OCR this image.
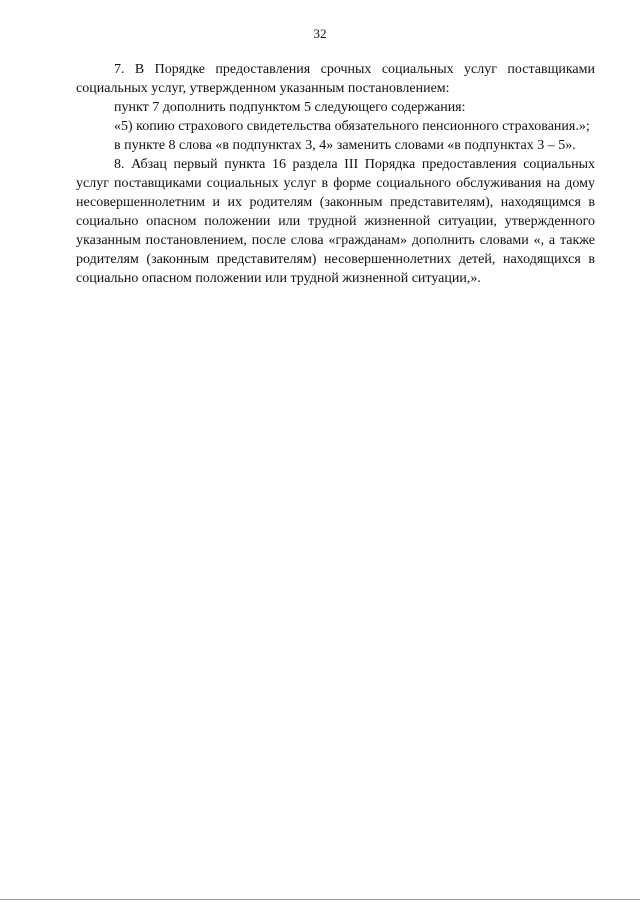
32

7. В Порядке предоставления срочных социальных услуг поставщиками социальных услуг, утвержденном указанным постановлением:

пункт 7 дополнить подпунктом 5 следующего содержания:

«5) копию страхового свидетельства обязательного пенсионного страхования.»;

в пункте 8 слова «в подпунктах 3, 4» заменить словами «в подпунктах 3 – 5».

8. Абзац первый пункта 16 раздела III Порядка предоставления социальных услуг поставщиками социальных услуг в форме социального обслуживания на дому несовершеннолетним и их родителям (законным представителям), находящимся в социально опасном положении или трудной жизненной ситуации, утвержденного указанным постановлением, после слова «гражданам» дополнить словами «, а также родителям (законным представителям) несовершеннолетних детей, находящихся в социально опасном положении или трудной жизненной ситуации,».
